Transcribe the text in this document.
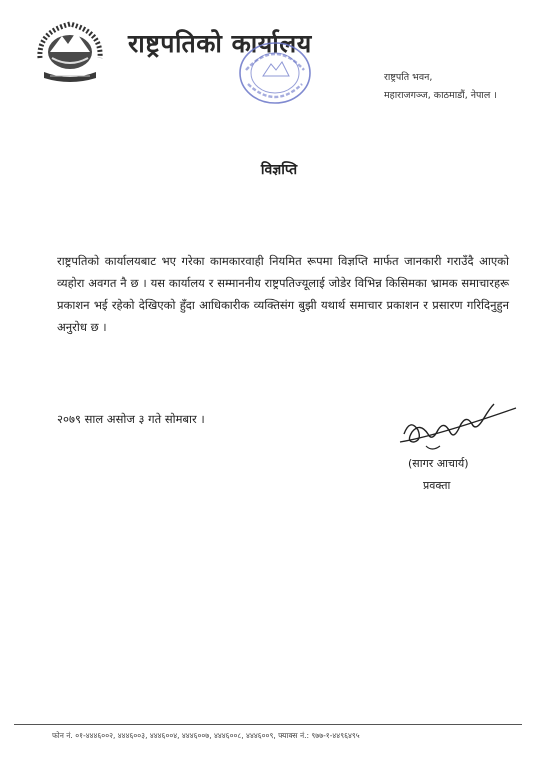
राष्ट्रपतिको कार्यालय
राष्ट्रपति भवन,
महाराजगञ्ज, काठमाडौं, नेपाल ।
विज्ञप्ति
राष्ट्रपतिको कार्यालयबाट भए गरेका कामकारवाही नियमित रूपमा विज्ञप्ति मार्फत जानकारी गराउँदै आएको व्यहोरा अवगत नै छ । यस कार्यालय र सम्माननीय राष्ट्रपतिज्यूलाई जोडेर विभिन्न किसिमका भ्रामक समाचारहरू प्रकाशन भई रहेको देखिएको हुँदा आधिकारीक व्यक्तिसंग बुझी यथार्थ समाचार प्रकाशन र प्रसारण गरिदिनुहुन अनुरोध छ ।
२०७९ साल असोज ३ गते सोमबार ।
(सागर आचार्य)
प्रवक्ता
फोन नं. ०१-४४४६००२, ४४४६००३, ४४४६००४, ४४४६००७, ४४४६००८, ४४४६००९, फ्याक्स नं.: ९७७-१-४४९६४९५
